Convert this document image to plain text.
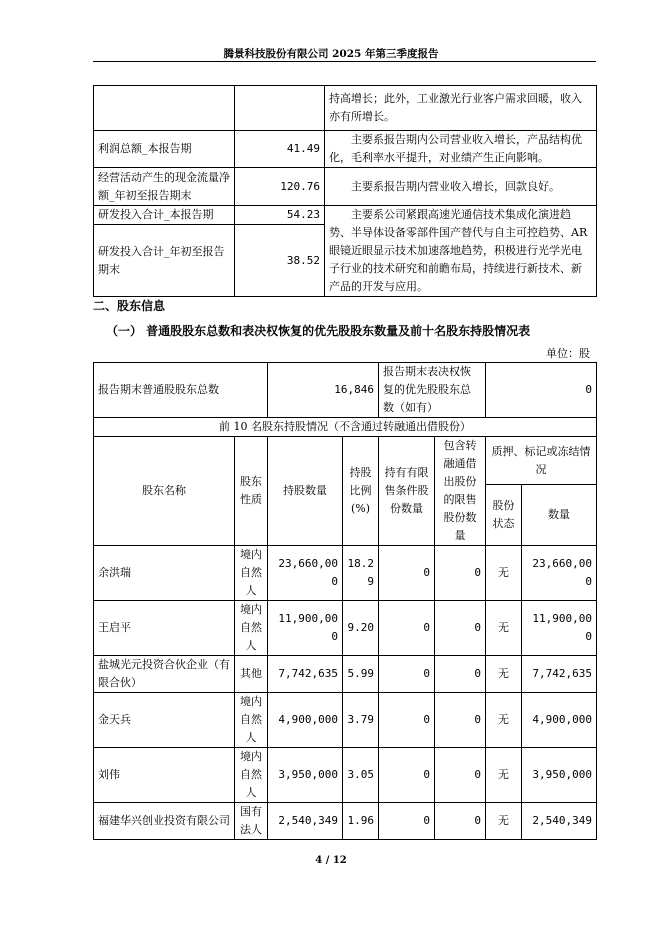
腾景科技股份有限公司 2025 年第三季度报告
		持高增长；此外，工业激光行业客户需求回暖，收入亦有所增长。
利润总额_本报告期	41.49	主要系报告期内公司营业收入增长，产品结构优化，毛利率水平提升，对业绩产生正向影响。
经营活动产生的现金流量净额_年初至报告期末	120.76	主要系报告期内营业收入增长，回款良好。
研发投入合计_本报告期	54.23	主要系公司紧跟高速光通信技术集成化演进趋势、半导体设备零部件国产替代与自主可控趋势、AR眼镜近眼显示技术加速落地趋势，积极进行光学光电子行业的技术研究和前瞻布局，持续进行新技术、新产品的开发与应用。
研发投入合计_年初至报告期末	38.52	
二、股东信息
（一） 普通股股东总数和表决权恢复的优先股股东数量及前十名股东持股情况表
单位：股
报告期末普通股股东总数		16,846		报告期末表决权恢复的优先股股东总数（如有）		0	
前 10 名股东持股情况（不含通过转融通出借股份）							
股东名称	股东性质	持股数量	持股比例(%)	持有有限售条件股份数量	包含转融通借出股份的限售股份数量	质押、标记或冻结情况	
						股份状态	数量
余洪瑞	境内自然人	23,660,000	18.29	0	0	无	23,660,000
王启平	境内自然人	11,900,000	9.20	0	0	无	11,900,000
盐城光元投资合伙企业（有限合伙）	其他	7,742,635	5.99	0	0	无	7,742,635
金天兵	境内自然人	4,900,000	3.79	0	0	无	4,900,000
刘伟	境内自然人	3,950,000	3.05	0	0	无	3,950,000
福建华兴创业投资有限公司	国有法人	2,540,349	1.96	0	0	无	2,540,349
4 / 12
